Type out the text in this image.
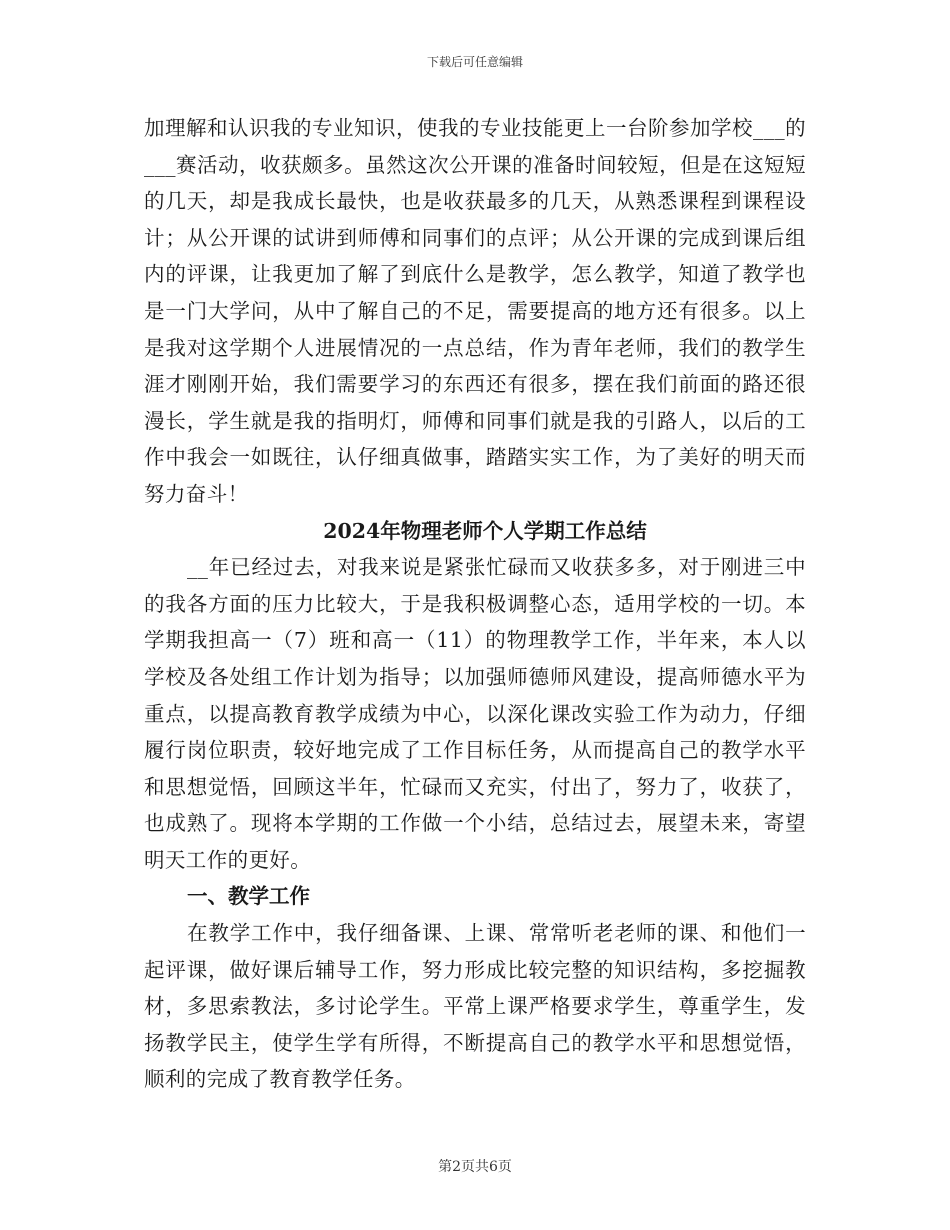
下载后可任意编辑

加理解和认识我的专业知识，使我的专业技能更上一台阶参加学校___的___赛活动，收获颇多。虽然这次公开课的准备时间较短，但是在这短短的几天，却是我成长最快，也是收获最多的几天，从熟悉课程到课程设计；从公开课的试讲到师傅和同事们的点评；从公开课的完成到课后组内的评课，让我更加了解了到底什么是教学，怎么教学，知道了教学也是一门大学问，从中了解自己的不足，需要提高的地方还有很多。以上是我对这学期个人进展情况的一点总结，作为青年老师，我们的教学生涯才刚刚开始，我们需要学习的东西还有很多，摆在我们前面的路还很漫长，学生就是我的指明灯，师傅和同事们就是我的引路人，以后的工作中我会一如既往，认仔细真做事，踏踏实实工作，为了美好的明天而努力奋斗！

2024年物理老师个人学期工作总结

__年已经过去，对我来说是紧张忙碌而又收获多多，对于刚进三中的我各方面的压力比较大，于是我积极调整心态，适用学校的一切。本学期我担高一（7）班和高一（11）的物理教学工作，半年来，本人以学校及各处组工作计划为指导；以加强师德师风建设，提高师德水平为重点，以提高教育教学成绩为中心，以深化课改实验工作为动力，仔细履行岗位职责，较好地完成了工作目标任务，从而提高自己的教学水平和思想觉悟，回顾这半年，忙碌而又充实，付出了，努力了，收获了，也成熟了。现将本学期的工作做一个小结，总结过去，展望未来，寄望明天工作的更好。

一、教学工作

在教学工作中，我仔细备课、上课、常常听老老师的课、和他们一起评课，做好课后辅导工作，努力形成比较完整的知识结构，多挖掘教材，多思索教法，多讨论学生。平常上课严格要求学生，尊重学生，发扬教学民主，使学生学有所得，不断提高自己的教学水平和思想觉悟，顺利的完成了教育教学任务。

第2页共6页
